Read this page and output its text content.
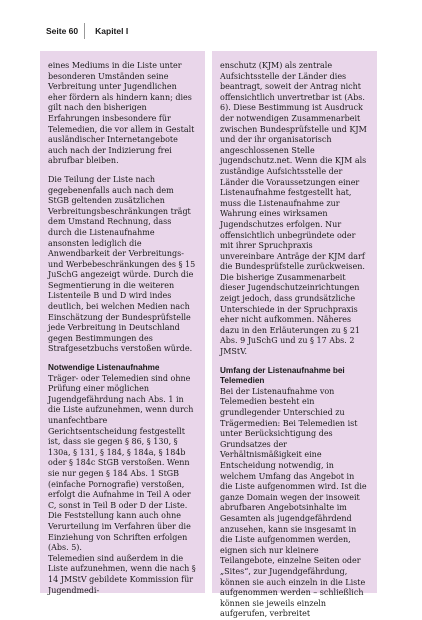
Seite 60	Kapitel I

eines Mediums in die Liste unter besonderen Umständen seine Verbreitung unter Jugendlichen eher fördern als hindern kann; dies gilt nach den bisherigen Erfahrungen insbesondere für Telemedien, die vor allem in Gestalt ausländischer Internetangebote auch nach der Indizierung frei abrufbar bleiben.

Die Teilung der Liste nach gegebenenfalls auch nach dem StGB geltenden zusätzlichen Verbreitungsbeschränkungen trägt dem Umstand Rechnung, dass durch die Listenaufnahme ansonsten lediglich die Anwendbarkeit der Verbreitungs- und Werbebeschränkungen des § 15 JuSchG angezeigt würde. Durch die Segmentierung in die weiteren Listenteile B und D wird indes deutlich, bei welchen Medien nach Einschätzung der Bundesprüfstelle jede Verbreitung in Deutschland gegen Bestimmungen des Strafgesetzbuchs verstoßen würde.

Notwendige Listenaufnahme

Träger- oder Telemedien sind ohne Prüfung einer möglichen Jugendgefährdung nach Abs. 1 in die Liste aufzunehmen, wenn durch unanfechtbare Gerichtsentscheidung festgestellt ist, dass sie gegen § 86, § 130, § 130a, § 131, § 184, § 184a, § 184b oder § 184c StGB verstoßen. Wenn sie nur gegen § 184 Abs. 1 StGB (einfache Pornografie) verstoßen, erfolgt die Aufnahme in Teil A oder C, sonst in Teil B oder D der Liste. Die Feststellung kann auch ohne Verurteilung im Verfahren über die Einziehung von Schriften erfolgen (Abs. 5).

Telemedien sind außerdem in die Liste aufzunehmen, wenn die nach § 14 JMStV gebildete Kommission für Jugendmedi-

enschutz (KJM) als zentrale Aufsichtsstelle der Länder dies beantragt, soweit der Antrag nicht offensichtlich unvertretbar ist (Abs. 6). Diese Bestimmung ist Ausdruck der notwendigen Zusammenarbeit zwischen Bundesprüfstelle und KJM und der ihr organisatorisch angeschlossenen Stelle jugendschutz.net. Wenn die KJM als zuständige Aufsichtsstelle der Länder die Voraussetzungen einer Listenaufnahme festgestellt hat, muss die Listenaufnahme zur Wahrung eines wirksamen Jugendschutzes erfolgen. Nur offensichtlich unbegründete oder mit ihrer Spruchpraxis unvereinbare Anträge der KJM darf die Bundesprüfstelle zurückweisen. Die bisherige Zusammenarbeit dieser Jugendschutzeinrichtungen zeigt jedoch, dass grundsätzliche Unterschiede in der Spruchpraxis eher nicht aufkommen. Näheres dazu in den Erläuterungen zu § 21 Abs. 9 JuSchG und zu § 17 Abs. 2 JMStV.

Umfang der Listenaufnahme bei Telemedien

Bei der Listenaufnahme von Telemedien besteht ein grundlegender Unterschied zu Trägermedien: Bei Telemedien ist unter Berücksichtigung des Grundsatzes der Verhältnismäßigkeit eine Entscheidung notwendig, in welchem Umfang das Angebot in die Liste aufgenommen wird. Ist die ganze Domain wegen der insoweit abrufbaren Angebotsinhalte im Gesamten als jugendgefährdend anzusehen, kann sie insgesamt in die Liste aufgenommen werden, eignen sich nur kleinere Teilangebote, einzelne Seiten oder „Sites“, zur Jugendgefährdung, können sie auch einzeln in die Liste aufgenommen werden – schließlich können sie jeweils einzeln aufgerufen, verbreitet
